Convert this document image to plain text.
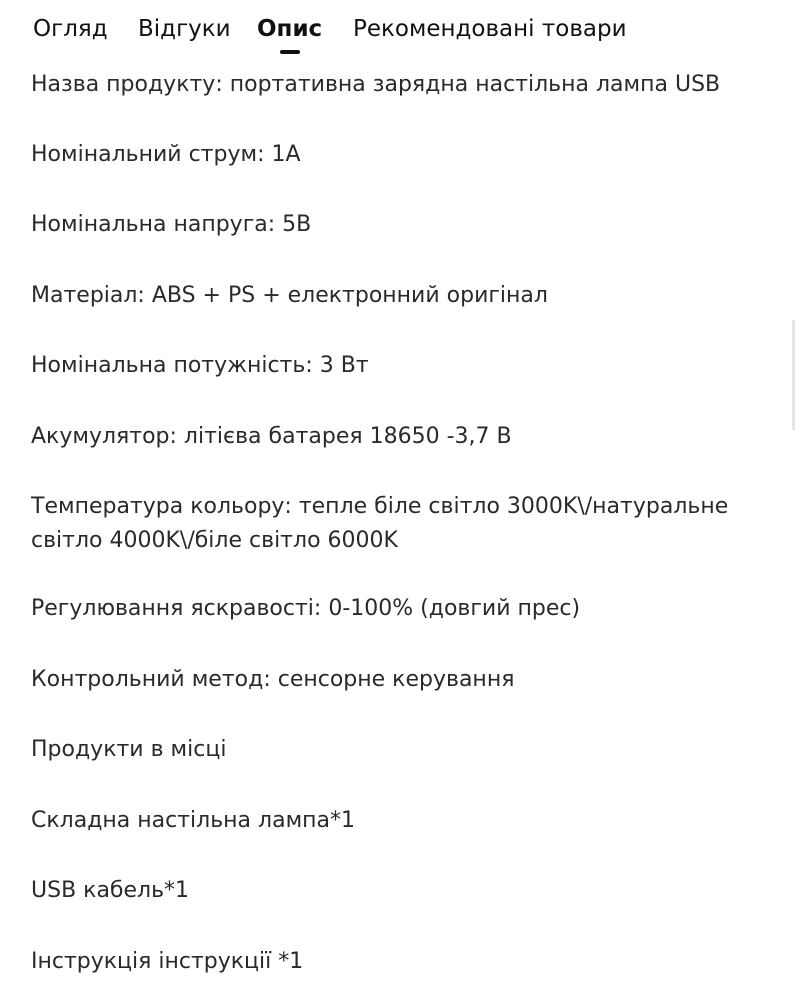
Огляд Відгуки Опис Рекомендовані товари
Назва продукту: портативна зарядна настільна лампа USB
Номінальний струм: 1А
Номінальна напруга: 5В
Матеріал: ABS + PS + електронний оригінал
Номінальна потужність: 3 Вт
Акумулятор: літієва батарея 18650 -3,7 В
Температура кольору: тепле біле світло 3000K\/натуральне світло 4000K\/біле світло 6000K
Регулювання яскравості: 0-100% (довгий прес)
Контрольний метод: сенсорне керування
Продукти в місці
Складна настільна лампа*1
USB кабель*1
Інструкція інструкції *1
